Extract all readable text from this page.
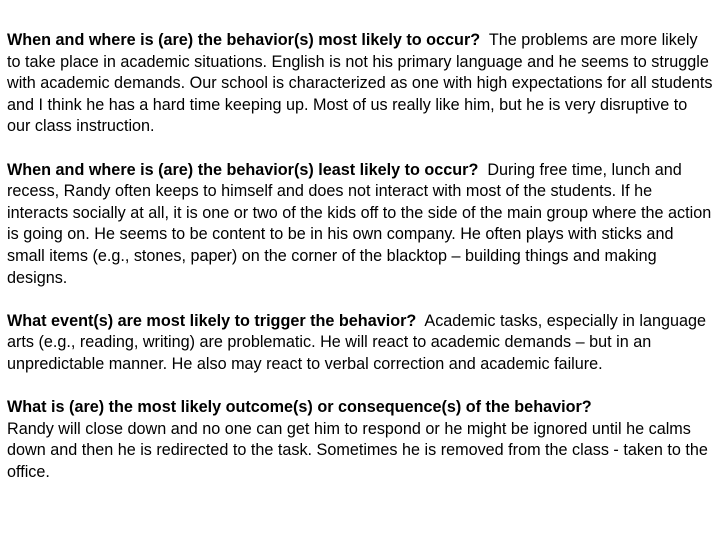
When and where is (are) the behavior(s) most likely to occur? The problems are more likely to take place in academic situations. English is not his primary language and he seems to struggle with academic demands. Our school is characterized as one with high expectations for all students and I think he has a hard time keeping up. Most of us really like him, but he is very disruptive to our class instruction.

When and where is (are) the behavior(s) least likely to occur? During free time, lunch and recess, Randy often keeps to himself and does not interact with most of the students. If he interacts socially at all, it is one or two of the kids off to the side of the main group where the action is going on. He seems to be content to be in his own company. He often plays with sticks and small items (e.g., stones, paper) on the corner of the blacktop – building things and making designs.

What event(s) are most likely to trigger the behavior? Academic tasks, especially in language arts (e.g., reading, writing) are problematic. He will react to academic demands – but in an unpredictable manner. He also may react to verbal correction and academic failure.

What is (are) the most likely outcome(s) or consequence(s) of the behavior?
Randy will close down and no one can get him to respond or he might be ignored until he calms down and then he is redirected to the task. Sometimes he is removed from the class - taken to the office.
